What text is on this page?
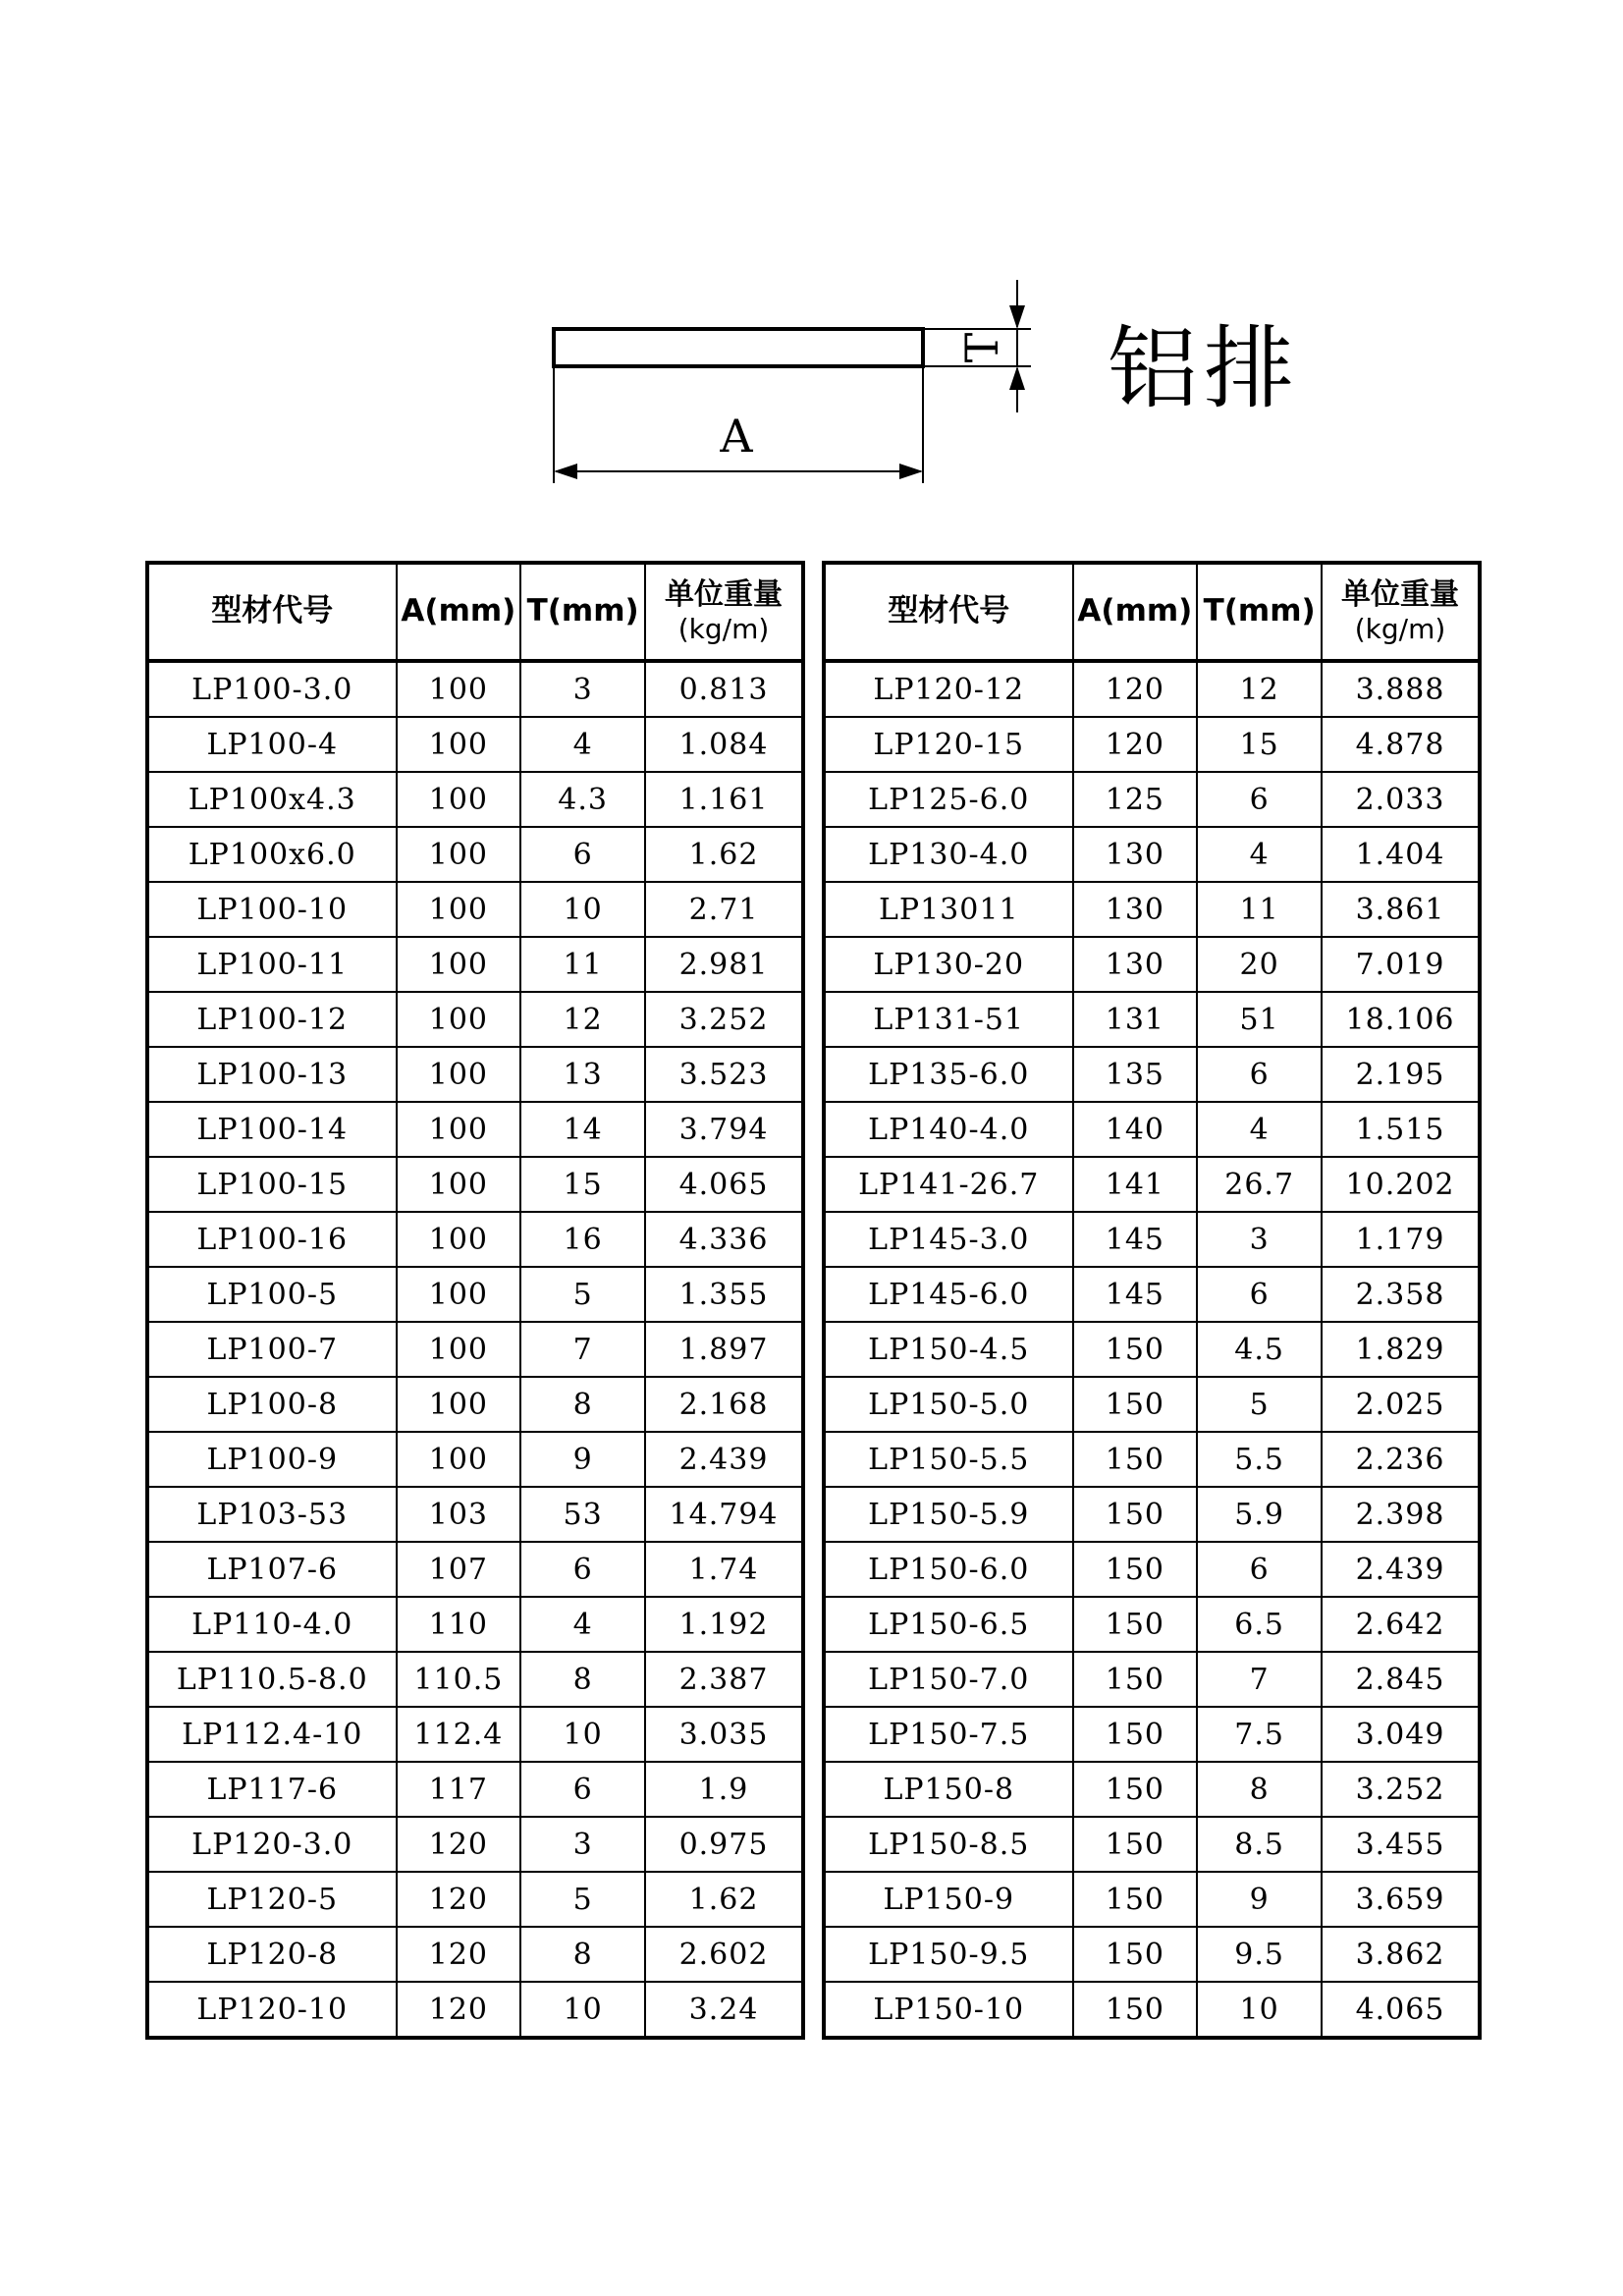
A
T 铝排
型材代号	A(mm)	T(mm)	单位重量
(kg/m)

LP100-3.0	100	3	0.813
LP100-4	100	4	1.084
LP100x4.3	100	4.3	1.161
LP100x6.0	100	6	1.62
LP100-10	100	10	2.71
LP100-11	100	11	2.981
LP100-12	100	12	3.252
LP100-13	100	13	3.523
LP100-14	100	14	3.794
LP100-15	100	15	4.065
LP100-16	100	16	4.336
LP100-5	100	5	1.355
LP100-7	100	7	1.897
LP100-8	100	8	2.168
LP100-9	100	9	2.439
LP103-53	103	53	14.794
LP107-6	107	6	1.74
LP110-4.0	110	4	1.192
LP110.5-8.0	110.5	8	2.387
LP112.4-10	112.4	10	3.035
LP117-6	117	6	1.9
LP120-3.0	120	3	0.975
LP120-5	120	5	1.62
LP120-8	120	8	2.602
LP120-10	120	10	3.24
型材代号	A(mm)	T(mm)	单位重量
(kg/m)

LP120-12	120	12	3.888
LP120-15	120	15	4.878
LP125-6.0	125	6	2.033
LP130-4.0	130	4	1.404
LP13011	130	11	3.861
LP130-20	130	20	7.019
LP131-51	131	51	18.106
LP135-6.0	135	6	2.195
LP140-4.0	140	4	1.515
LP141-26.7	141	26.7	10.202
LP145-3.0	145	3	1.179
LP145-6.0	145	6	2.358
LP150-4.5	150	4.5	1.829
LP150-5.0	150	5	2.025
LP150-5.5	150	5.5	2.236
LP150-5.9	150	5.9	2.398
LP150-6.0	150	6	2.439
LP150-6.5	150	6.5	2.642
LP150-7.0	150	7	2.845
LP150-7.5	150	7.5	3.049
LP150-8	150	8	3.252
LP150-8.5	150	8.5	3.455
LP150-9	150	9	3.659
LP150-9.5	150	9.5	3.862
LP150-10	150	10	4.065
